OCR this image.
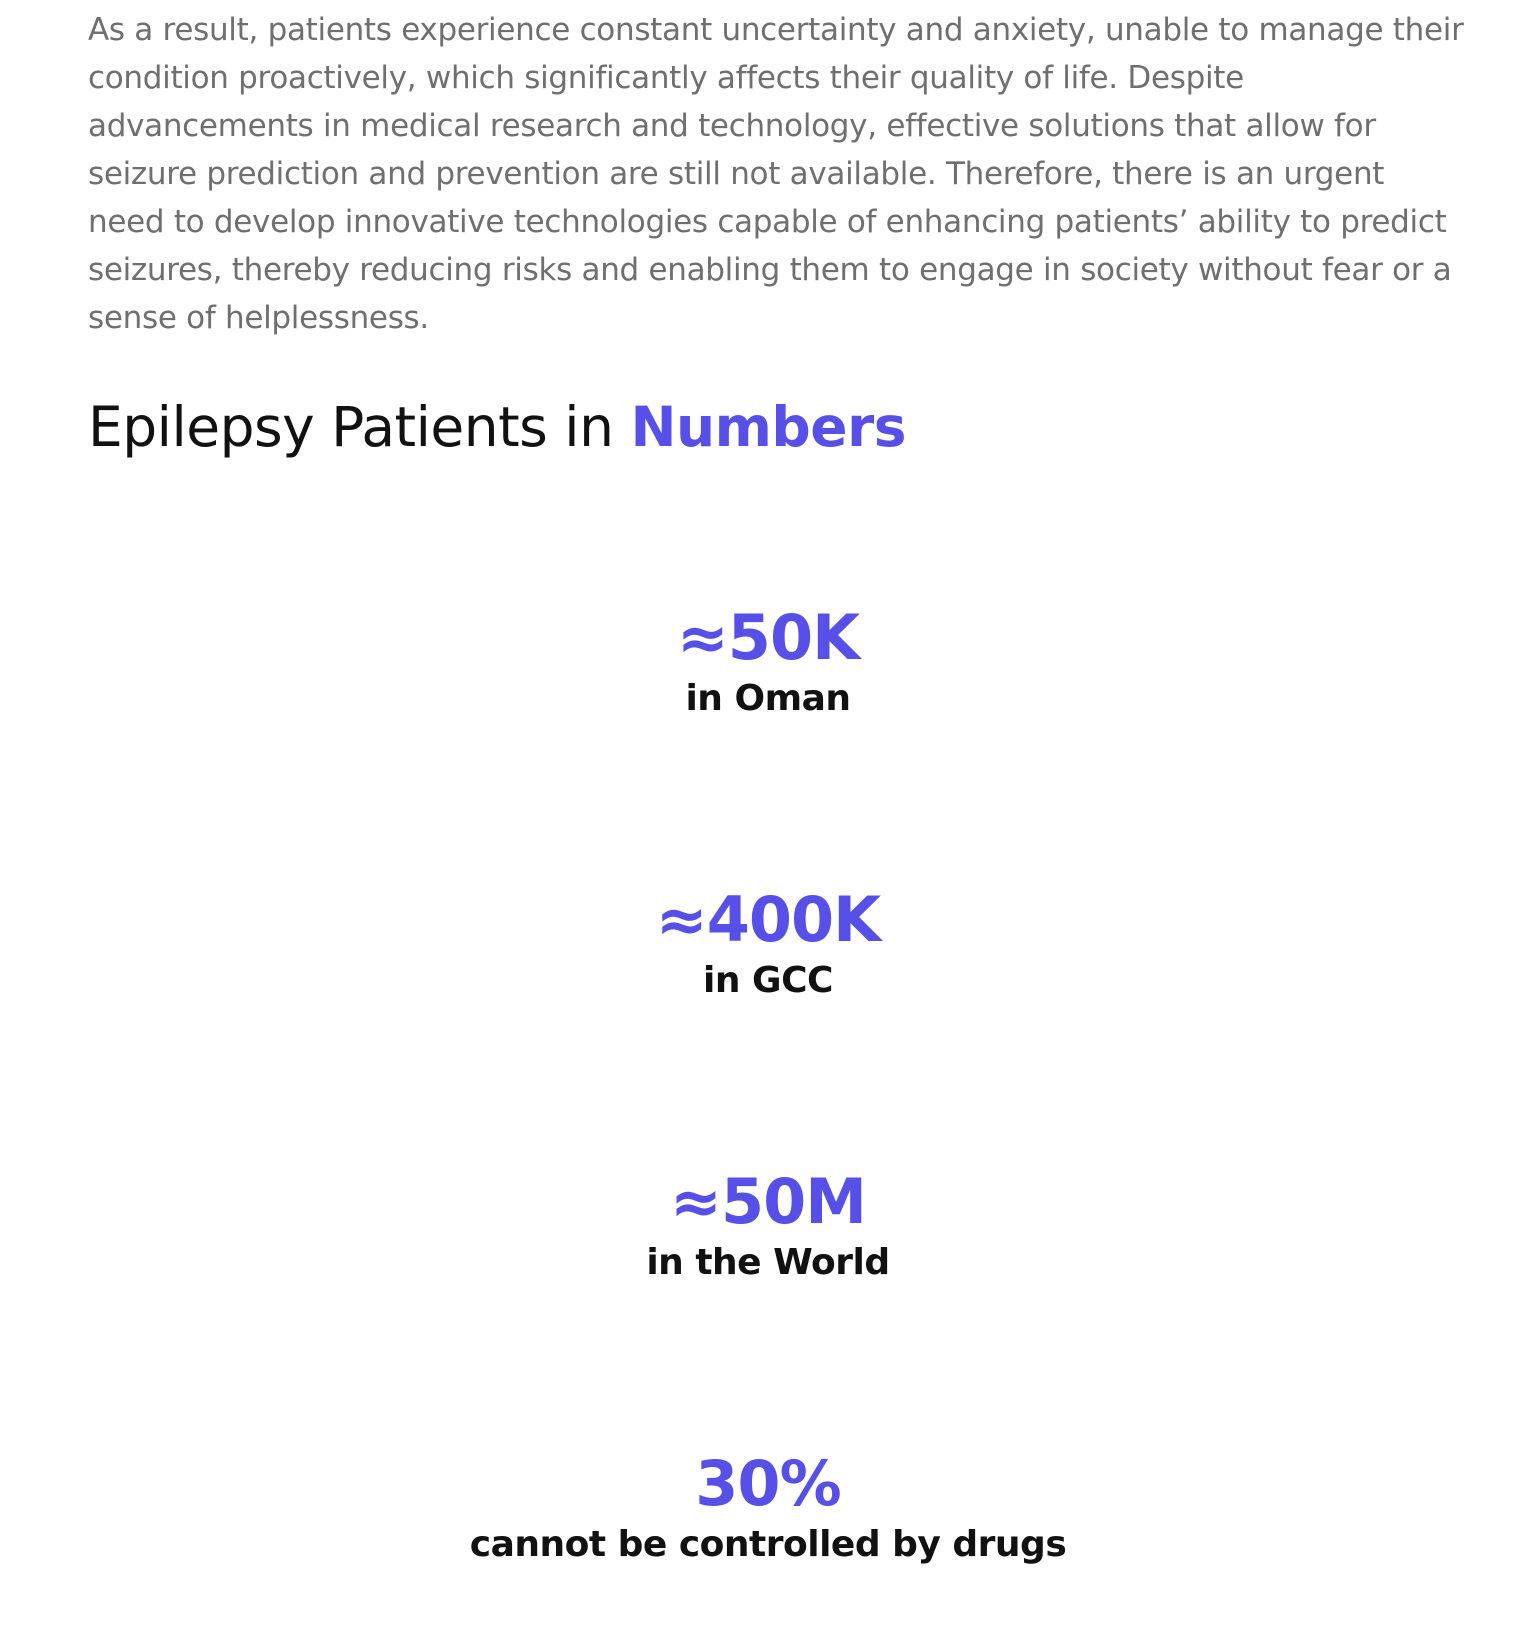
As a result, patients experience constant uncertainty and anxiety, unable to manage their condition proactively, which significantly affects their quality of life. Despite advancements in medical research and technology, effective solutions that allow for seizure prediction and prevention are still not available. Therefore, there is an urgent need to develop innovative technologies capable of enhancing patients’ ability to predict seizures, thereby reducing risks and enabling them to engage in society without fear or a sense of helplessness.

Epilepsy Patients in Numbers
≈50K
in Oman
≈400K
in GCC
≈50M
in the World
30%
cannot be controlled by drugs
